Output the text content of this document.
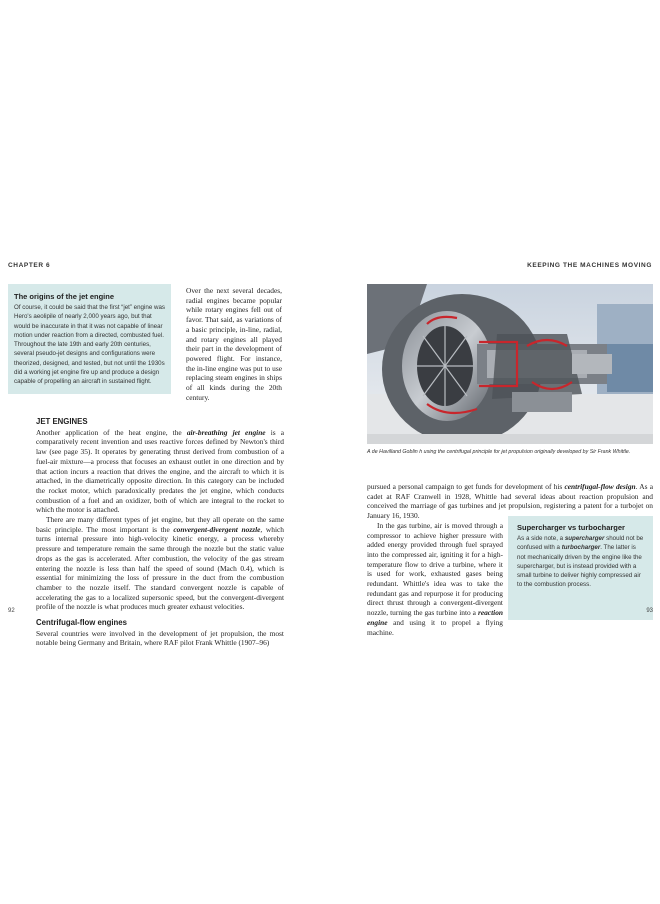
CHAPTER 6	KEEPING THE MACHINES MOVING
The origins of the jet engine

Of course, it could be said that the first “jet” engine was Hero's aeolipile of nearly 2,000 years ago, but that would be inaccurate in that it was not capable of linear motion under reaction from a directed, combusted fuel. Throughout the late 19th and early 20th centuries, several pseudo-jet designs and configurations were theorized, designed, and tested, but not until the 1930s did a working jet engine fire up and produce a design capable of propelling an aircraft in sustained flight.

Over the next several decades, radial engines became popular while rotary engines fell out of favor. That said, as variations of a basic principle, in-line, radial, and rotary engines all played their part in the development of powered flight. For instance, the in-line engine was put to use replacing steam engines in ships of all kinds during the 20th century.

JET ENGINES

Another application of the heat engine, the air-breathing jet engine is a comparatively recent invention and uses reactive forces defined by Newton's third law (see page 35). It operates by generating thrust derived from combustion of a fuel-air mixture—a process that focuses an exhaust outlet in one direction and by that action incurs a reaction that drives the engine, and the aircraft to which it is attached, in the diametrically opposite direction. In this category can be included the rocket motor, which paradoxically predates the jet engine, which conducts combustion of a fuel and an oxidizer, both of which are integral to the rocket to which the motor is attached.

There are many different types of jet engine, but they all operate on the same basic principle. The most important is the convergent-divergent nozzle, which turns internal pressure into high-velocity kinetic energy, a process whereby pressure and temperature remain the same through the nozzle but the static value drops as the gas is accelerated. After combustion, the velocity of the gas stream entering the nozzle is less than half the speed of sound (Mach 0.4), which is essential for minimizing the loss of pressure in the duct from the combustion chamber to the nozzle itself. The standard convergent nozzle is capable of accelerating the gas to a localized supersonic speed, but the convergent-divergent profile of the nozzle is what produces much greater exhaust velocities.

Centrifugal-flow engines

Several countries were involved in the development of jet propulsion, the most notable being Germany and Britain, where RAF pilot Frank Whittle (1907–96)

A de Havilland Goblin h using the centrifugal principle for jet propulsion originally developed by Sir Frank Whittle.

pursued a personal campaign to get funds for development of his centrifugal-flow design. As a cadet at RAF Cranwell in 1928, Whittle had several ideas about reaction propulsion and conceived the marriage of gas turbines and jet propulsion, registering a patent for a turbojet on January 16, 1930.

In the gas turbine, air is moved through a compressor to achieve higher pressure with added energy provided through fuel sprayed into the compressed air, igniting it for a high-temperature flow to drive a turbine, where it is used for work, exhausted gases being redundant. Whittle's idea was to take the redundant gas and repurpose it for producing direct thrust through a convergent-divergent nozzle, turning the gas turbine into a reaction engine and using it to propel a flying machine.

Supercharger vs turbocharger

As a side note, a supercharger should not be confused with a turbocharger. The latter is not mechanically driven by the engine like the supercharger, but is instead provided with a small turbine to deliver highly compressed air to the combustion process.

92	93
